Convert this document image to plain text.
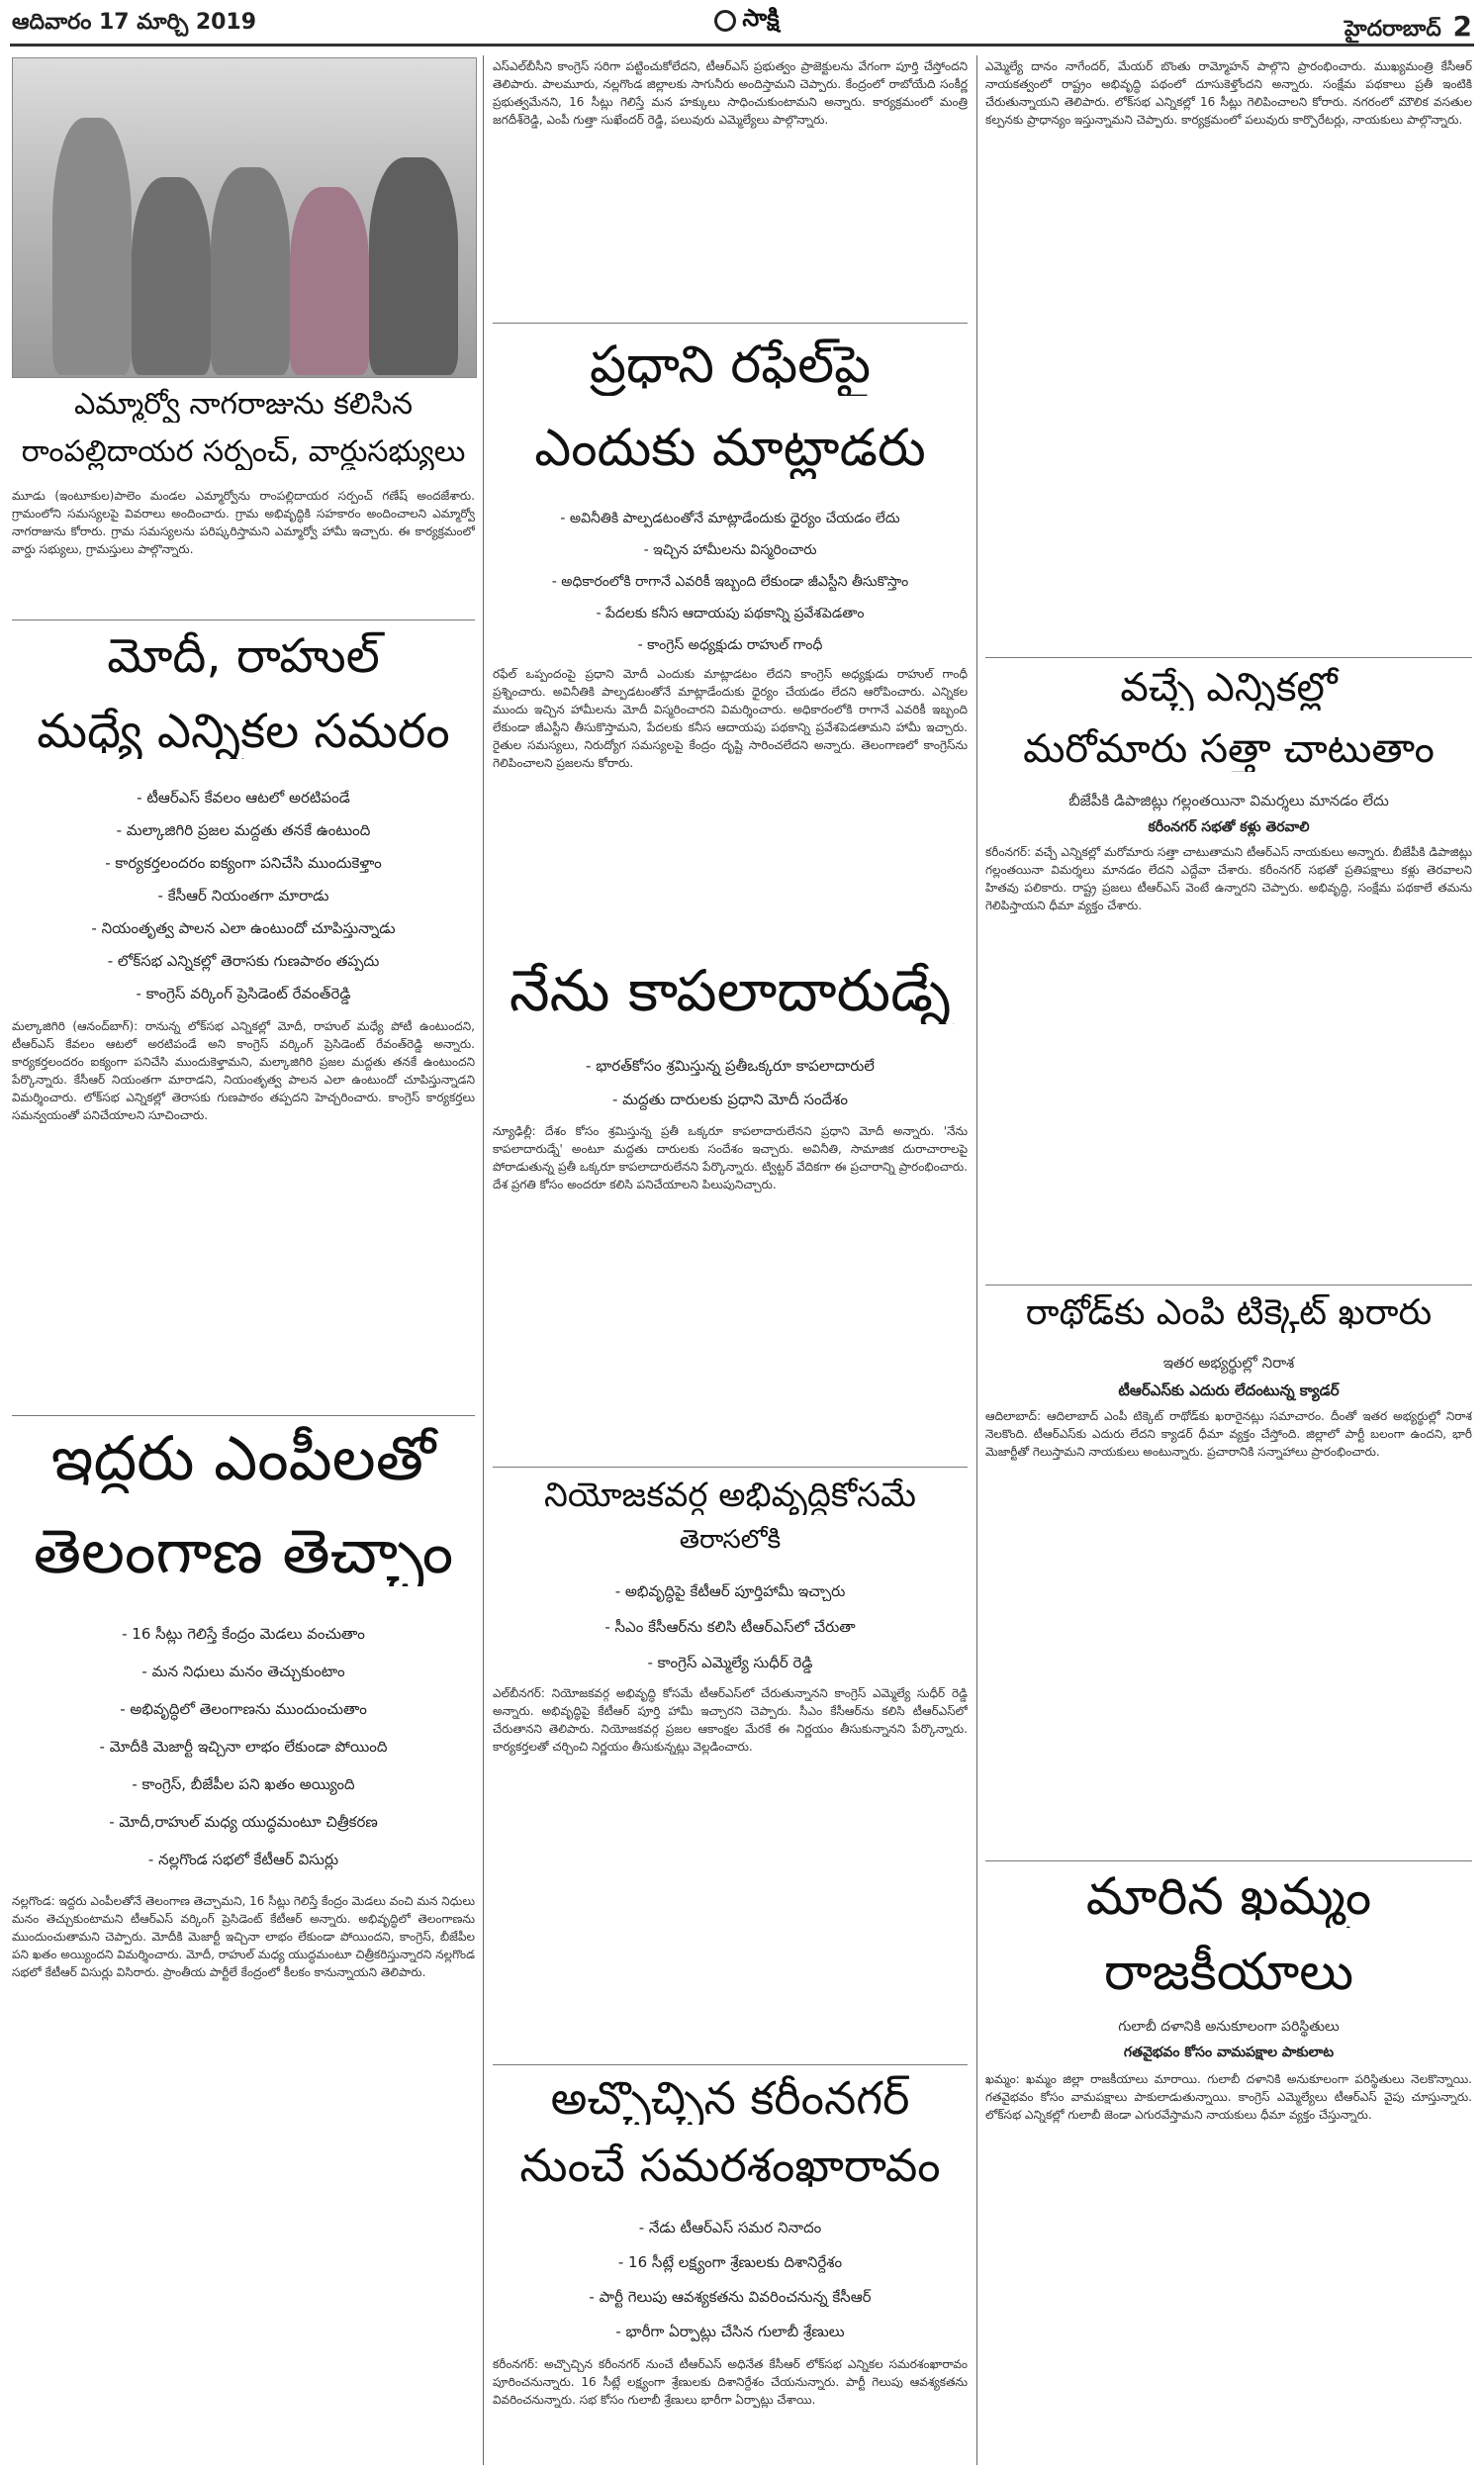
ఆదివారం 17 మార్చి 2019	సాక్షి	హైదరాబాద్ 2
ఎమ్మార్వో నాగరాజును కలిసిన
రాంపల్లిదాయర సర్పంచ్‌, వార్డుసభ్యులు
మూడు (ఇంటూకుల)పాలెం మండల ఎమ్మార్వోను రాంపల్లిదాయర సర్పంచ్‌ గణేష్‌ అందజేశారు. గ్రామంలోని సమస్యలపై వివరాలు అందించారు. గ్రామ అభివృద్ధికి సహకారం అందించాలని ఎమ్మార్వో నాగరాజును కోరారు. గ్రామ సమస్యలను పరిష్కరిస్తామని ఎమ్మార్వో హామీ ఇచ్చారు. ఈ కార్యక్రమంలో వార్డు సభ్యులు, గ్రామస్తులు పాల్గొన్నారు.
మోదీ, రాహుల్‌
మధ్యే ఎన్నికల సమరం
- టీఆర్‌ఎస్‌ కేవలం ఆటలో అరటిపండే
- మల్కాజిగిరి ప్రజల మద్దతు తనకే ఉంటుంది
- కార్యకర్తలందరం ఐక్యంగా పనిచేసి ముందుకెళ్తాం
- కేసీఆర్‌ నియంతగా మారాడు
- నియంతృత్వ పాలన ఎలా ఉంటుందో చూపిస్తున్నాడు
- లోక్‌సభ ఎన్నికల్లో తెరాసకు గుణపాఠం తప్పదు
- కాంగ్రెస్‌ వర్కింగ్‌ ప్రెసిడెంట్‌ రేవంత్‌రెడ్డి
మల్కాజిగిరి (ఆనంద్‌బాగ్‌): రానున్న లోక్‌సభ ఎన్నికల్లో మోదీ, రాహుల్‌ మధ్యే పోటీ ఉంటుందని, టీఆర్‌ఎస్‌ కేవలం ఆటలో అరటిపండే అని కాంగ్రెస్‌ వర్కింగ్‌ ప్రెసిడెంట్‌ రేవంత్‌రెడ్డి అన్నారు. కార్యకర్తలందరం ఐక్యంగా పనిచేసి ముందుకెళ్తామని, మల్కాజిగిరి ప్రజల మద్దతు తనకే ఉంటుందని పేర్కొన్నారు. కేసీఆర్‌ నియంతగా మారాడని, నియంతృత్వ పాలన ఎలా ఉంటుందో చూపిస్తున్నాడని విమర్శించారు. లోక్‌సభ ఎన్నికల్లో తెరాసకు గుణపాఠం తప్పదని హెచ్చరించారు. కాంగ్రెస్‌ కార్యకర్తలు సమన్వయంతో పనిచేయాలని సూచించారు.
ఇద్దరు ఎంపీలతో
తెలంగాణ తెచ్చాం
- 16 సీట్లు గెలిస్తే కేంద్రం మెడలు వంచుతాం
- మన నిధులు మనం తెచ్చుకుంటాం
- అభివృద్ధిలో తెలంగాణను ముందుంచుతాం
- మోదీకి మెజార్టీ ఇచ్చినా లాభం లేకుండా పోయింది
- కాంగ్రెస్‌, బీజేపీల పని ఖతం అయ్యింది
- మోదీ,రాహుల్‌ మధ్య యుద్ధమంటూ చిత్రీకరణ
- నల్లగొండ సభలో కేటీఆర్‌ విసుర్లు
నల్లగొండ: ఇద్దరు ఎంపీలతోనే తెలంగాణ తెచ్చామని, 16 సీట్లు గెలిస్తే కేంద్రం మెడలు వంచి మన నిధులు మనం తెచ్చుకుంటామని టీఆర్‌ఎస్‌ వర్కింగ్‌ ప్రెసిడెంట్‌ కేటీఆర్‌ అన్నారు. అభివృద్ధిలో తెలంగాణను ముందుంచుతామని చెప్పారు. మోదీకి మెజార్టీ ఇచ్చినా లాభం లేకుండా పోయిందని, కాంగ్రెస్‌, బీజేపీల పని ఖతం అయ్యిందని విమర్శించారు. మోదీ, రాహుల్‌ మధ్య యుద్ధమంటూ చిత్రీకరిస్తున్నారని నల్లగొండ సభలో కేటీఆర్‌ విసుర్లు విసిరారు. ప్రాంతీయ పార్టీలే కేంద్రంలో కీలకం కానున్నాయని తెలిపారు.
ఎస్‌ఎల్‌బీసీని కాంగ్రెస్‌ సరిగా పట్టించుకోలేదని, టీఆర్‌ఎస్‌ ప్రభుత్వం ప్రాజెక్టులను వేగంగా పూర్తి చేస్తోందని తెలిపారు. పాలమూరు, నల్లగొండ జిల్లాలకు సాగునీరు అందిస్తామని చెప్పారు. కేంద్రంలో రాబోయేది సంకీర్ణ ప్రభుత్వమేనని, 16 సీట్లు గెలిస్తే మన హక్కులు సాధించుకుంటామని అన్నారు. కార్యక్రమంలో మంత్రి జగదీశ్‌రెడ్డి, ఎంపీ గుత్తా సుఖేందర్‌ రెడ్డి, పలువురు ఎమ్మెల్యేలు పాల్గొన్నారు.
ప్రధాని రఫేల్‌పై
ఎందుకు మాట్లాడరు
- అవినీతికి పాల్పడటంతోనే మాట్లాడేందుకు ధైర్యం చేయడం లేదు
- ఇచ్చిన హామీలను విస్మరించారు
- అధికారంలోకి రాగానే ఎవరికీ ఇబ్బంది లేకుండా జీఎస్టీని తీసుకొస్తాం
- పేదలకు కనీస ఆదాయపు పథకాన్ని ప్రవేశపెడతాం
- కాంగ్రెస్‌ అధ్యక్షుడు రాహుల్‌ గాంధీ
రఫేల్‌ ఒప్పందంపై ప్రధాని మోదీ ఎందుకు మాట్లాడటం లేదని కాంగ్రెస్‌ అధ్యక్షుడు రాహుల్‌ గాంధీ ప్రశ్నించారు. అవినీతికి పాల్పడటంతోనే మాట్లాడేందుకు ధైర్యం చేయడం లేదని ఆరోపించారు. ఎన్నికల ముందు ఇచ్చిన హామీలను మోదీ విస్మరించారని విమర్శించారు. అధికారంలోకి రాగానే ఎవరికీ ఇబ్బంది లేకుండా జీఎస్టీని తీసుకొస్తామని, పేదలకు కనీస ఆదాయపు పథకాన్ని ప్రవేశపెడతామని హామీ ఇచ్చారు. రైతుల సమస్యలు, నిరుద్యోగ సమస్యలపై కేంద్రం దృష్టి సారించలేదని అన్నారు. తెలంగాణలో కాంగ్రెస్‌ను గెలిపించాలని ప్రజలను కోరారు.
నేను కాపలాదారుడ్నే
- భారత్‌కోసం శ్రమిస్తున్న ప్రతీఒక్కరూ కాపలాదారులే
- మద్దతు దారులకు ప్రధాని మోదీ సందేశం
న్యూఢిల్లీ: దేశం కోసం శ్రమిస్తున్న ప్రతీ ఒక్కరూ కాపలాదారులేనని ప్రధాని మోదీ అన్నారు. 'నేను కాపలాదారుడ్నే' అంటూ మద్దతు దారులకు సందేశం ఇచ్చారు. అవినీతి, సామాజిక దురాచారాలపై పోరాడుతున్న ప్రతీ ఒక్కరూ కాపలాదారులేనని పేర్కొన్నారు. ట్విట్టర్‌ వేదికగా ఈ ప్రచారాన్ని ప్రారంభించారు. దేశ ప్రగతి కోసం అందరూ కలిసి పనిచేయాలని పిలుపునిచ్చారు.
నియోజకవర్గ అభివృద్ధికోసమే
తెరాసలోకి
- అభివృద్ధిపై కేటీఆర్‌ పూర్తిహామీ ఇచ్చారు
- సీఎం కేసీఆర్‌ను కలిసి టీఆర్‌ఎస్‌లో చేరుతా
- కాంగ్రెస్‌ ఎమ్మెల్యే సుధీర్‌ రెడ్డి
ఎల్‌బీనగర్‌: నియోజకవర్గ అభివృద్ధి కోసమే టీఆర్‌ఎస్‌లో చేరుతున్నానని కాంగ్రెస్‌ ఎమ్మెల్యే సుధీర్‌ రెడ్డి అన్నారు. అభివృద్ధిపై కేటీఆర్‌ పూర్తి హామీ ఇచ్చారని చెప్పారు. సీఎం కేసీఆర్‌ను కలిసి టీఆర్‌ఎస్‌లో చేరుతానని తెలిపారు. నియోజకవర్గ ప్రజల ఆకాంక్షల మేరకే ఈ నిర్ణయం తీసుకున్నానని పేర్కొన్నారు. కార్యకర్తలతో చర్చించి నిర్ణయం తీసుకున్నట్లు వెల్లడించారు.
అచ్చొచ్చిన కరీంనగర్‌
నుంచే సమరశంఖారావం
- నేడు టీఆర్‌ఎస్‌ సమర నినాదం
- 16 సీట్లే లక్ష్యంగా శ్రేణులకు దిశానిర్దేశం
- పార్టీ గెలుపు ఆవశ్యకతను వివరించనున్న కేసీఆర్‌
- భారీగా ఏర్పాట్లు చేసిన గులాబీ శ్రేణులు
కరీంనగర్‌: అచ్చొచ్చిన కరీంనగర్‌ నుంచే టీఆర్‌ఎస్‌ అధినేత కేసీఆర్‌ లోక్‌సభ ఎన్నికల సమరశంఖారావం పూరించనున్నారు. 16 సీట్లే లక్ష్యంగా శ్రేణులకు దిశానిర్దేశం చేయనున్నారు. పార్టీ గెలుపు ఆవశ్యకతను వివరించనున్నారు. సభ కోసం గులాబీ శ్రేణులు భారీగా ఏర్పాట్లు చేశాయి.
ఎమ్మెల్యే దానం నాగేందర్‌, మేయర్‌ బొంతు రామ్మోహన్‌ పాల్గొని ప్రారంభించారు. ముఖ్యమంత్రి కేసీఆర్‌ నాయకత్వంలో రాష్ట్రం అభివృద్ధి పథంలో దూసుకెళ్తోందని అన్నారు. సంక్షేమ పథకాలు ప్రతీ ఇంటికి చేరుతున్నాయని తెలిపారు. లోక్‌సభ ఎన్నికల్లో 16 సీట్లు గెలిపించాలని కోరారు. నగరంలో మౌలిక వసతుల కల్పనకు ప్రాధాన్యం ఇస్తున్నామని చెప్పారు. కార్యక్రమంలో పలువురు కార్పొరేటర్లు, నాయకులు పాల్గొన్నారు.
వచ్చే ఎన్నికల్లో
మరోమారు సత్తా చాటుతాం
బీజేపీకి డిపాజిట్లు గల్లంతయినా విమర్శలు మానడం లేదు
కరీంనగర్‌ సభతో కళ్లు తెరవాలి
కరీంనగర్‌: వచ్చే ఎన్నికల్లో మరోమారు సత్తా చాటుతామని టీఆర్‌ఎస్‌ నాయకులు అన్నారు. బీజేపీకి డిపాజిట్లు గల్లంతయినా విమర్శలు మానడం లేదని ఎద్దేవా చేశారు. కరీంనగర్‌ సభతో ప్రతిపక్షాలు కళ్లు తెరవాలని హితవు పలికారు. రాష్ట్ర ప్రజలు టీఆర్‌ఎస్‌ వెంటే ఉన్నారని చెప్పారు. అభివృద్ధి, సంక్షేమ పథకాలే తమను గెలిపిస్తాయని ధీమా వ్యక్తం చేశారు.
రాథోడ్‌కు ఎంపి టిక్కెట్‌ ఖరారు
ఇతర అభ్యర్థుల్లో నిరాశ
టీఆర్‌ఎస్‌కు ఎదురు లేదంటున్న క్యాడర్‌
ఆదిలాబాద్‌: ఆదిలాబాద్‌ ఎంపీ టిక్కెట్‌ రాథోడ్‌కు ఖరారైనట్లు సమాచారం. దీంతో ఇతర అభ్యర్థుల్లో నిరాశ నెలకొంది. టీఆర్‌ఎస్‌కు ఎదురు లేదని క్యాడర్‌ ధీమా వ్యక్తం చేస్తోంది. జిల్లాలో పార్టీ బలంగా ఉందని, భారీ మెజార్టీతో గెలుస్తామని నాయకులు అంటున్నారు. ప్రచారానికి సన్నాహాలు ప్రారంభించారు.
మారిన ఖమ్మం
రాజకీయాలు
గులాబీ దళానికి అనుకూలంగా పరిస్థితులు
గతవైభవం కోసం వామపక్షాల పాకులాట
ఖమ్మం: ఖమ్మం జిల్లా రాజకీయాలు మారాయి. గులాబీ దళానికి అనుకూలంగా పరిస్థితులు నెలకొన్నాయి. గతవైభవం కోసం వామపక్షాలు పాకులాడుతున్నాయి. కాంగ్రెస్‌ ఎమ్మెల్యేలు టీఆర్‌ఎస్‌ వైపు చూస్తున్నారు. లోక్‌సభ ఎన్నికల్లో గులాబీ జెండా ఎగురవేస్తామని నాయకులు ధీమా వ్యక్తం చేస్తున్నారు.
